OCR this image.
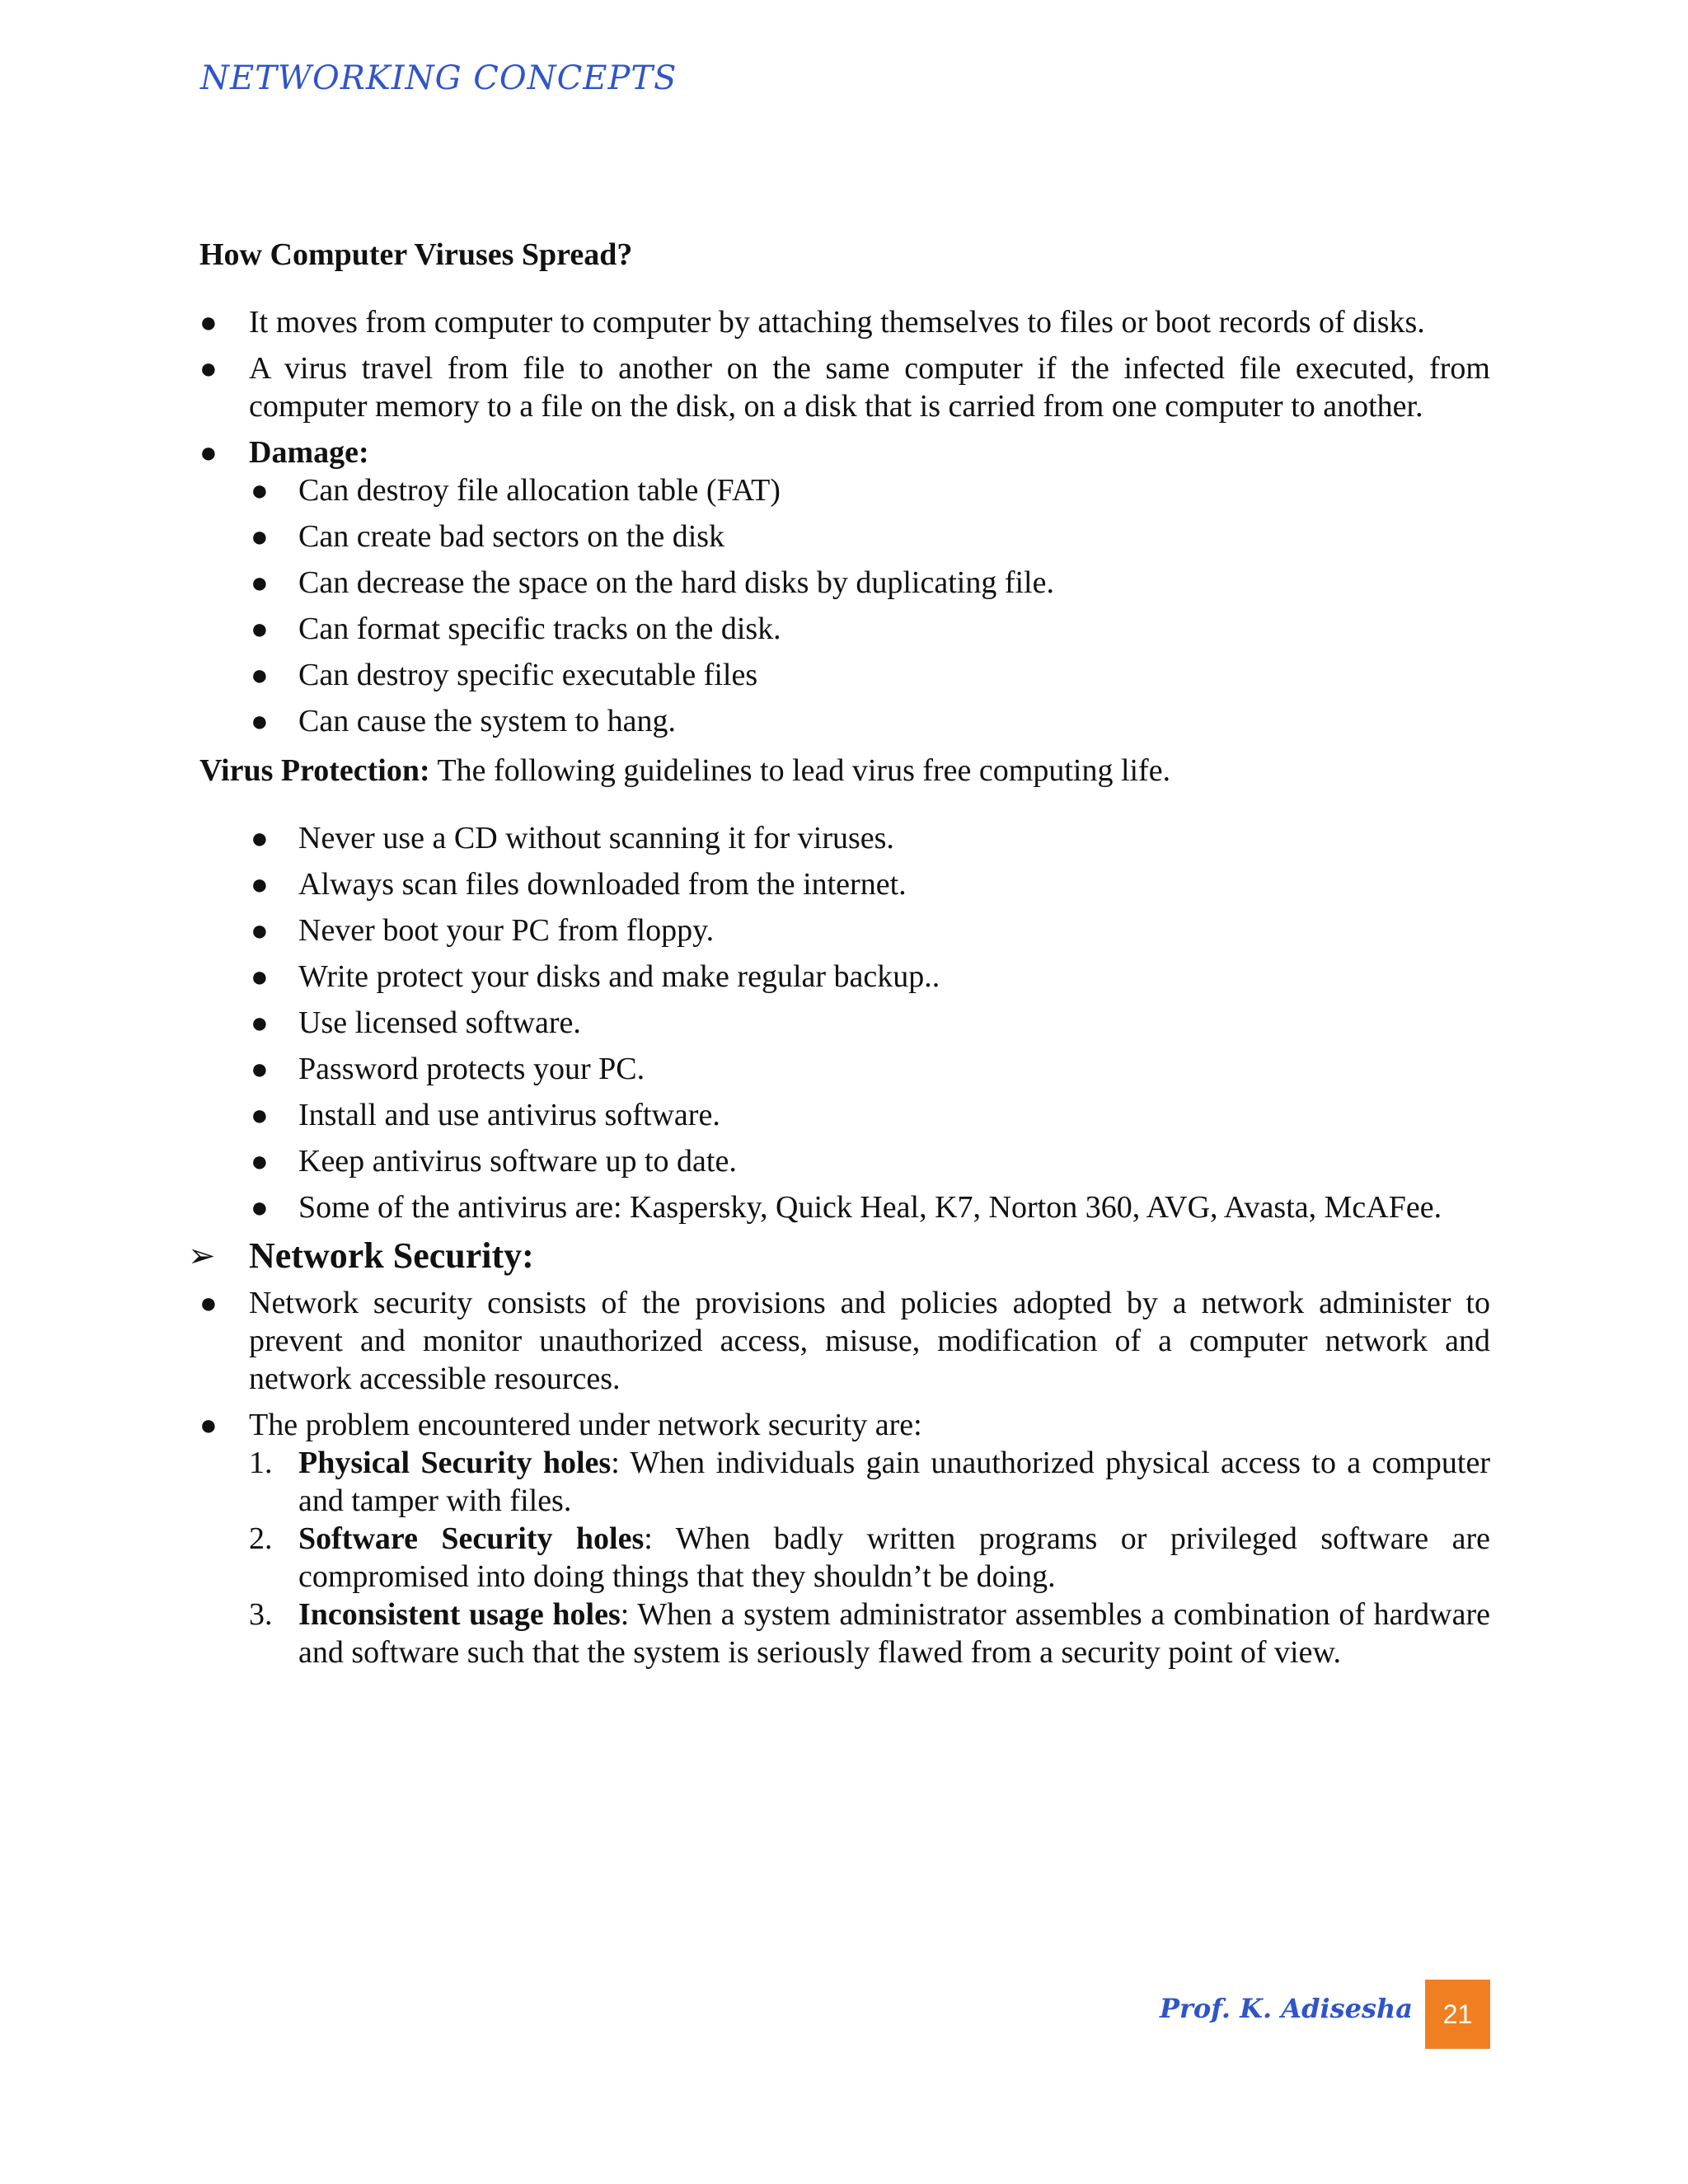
NETWORKING CONCEPTS
How Computer Viruses Spread?
● It moves from computer to computer by attaching themselves to files or boot records of disks.
● A virus travel from file to another on the same computer if the infected file executed, from computer memory to a file on the disk, on a disk that is carried from one computer to another.
● Damage:
● Can destroy file allocation table (FAT)
● Can create bad sectors on the disk
● Can decrease the space on the hard disks by duplicating file.
● Can format specific tracks on the disk.
● Can destroy specific executable files
● Can cause the system to hang.
Virus Protection: The following guidelines to lead virus free computing life.
● Never use a CD without scanning it for viruses.
● Always scan files downloaded from the internet.
● Never boot your PC from floppy.
● Write protect your disks and make regular backup..
● Use licensed software.
● Password protects your PC.
● Install and use antivirus software.
● Keep antivirus software up to date.
● Some of the antivirus are: Kaspersky, Quick Heal, K7, Norton 360, AVG, Avasta, McAFee.
➢ Network Security:
● Network security consists of the provisions and policies adopted by a network administer to prevent and monitor unauthorized access, misuse, modification of a computer network and network accessible resources.
● The problem encountered under network security are:
1. Physical Security holes: When individuals gain unauthorized physical access to a computer and tamper with files.
2. Software Security holes: When badly written programs or privileged software are compromised into doing things that they shouldn’t be doing.
3. Inconsistent usage holes: When a system administrator assembles a combination of hardware and software such that the system is seriously flawed from a security point of view.
Prof. K. Adisesha	21
